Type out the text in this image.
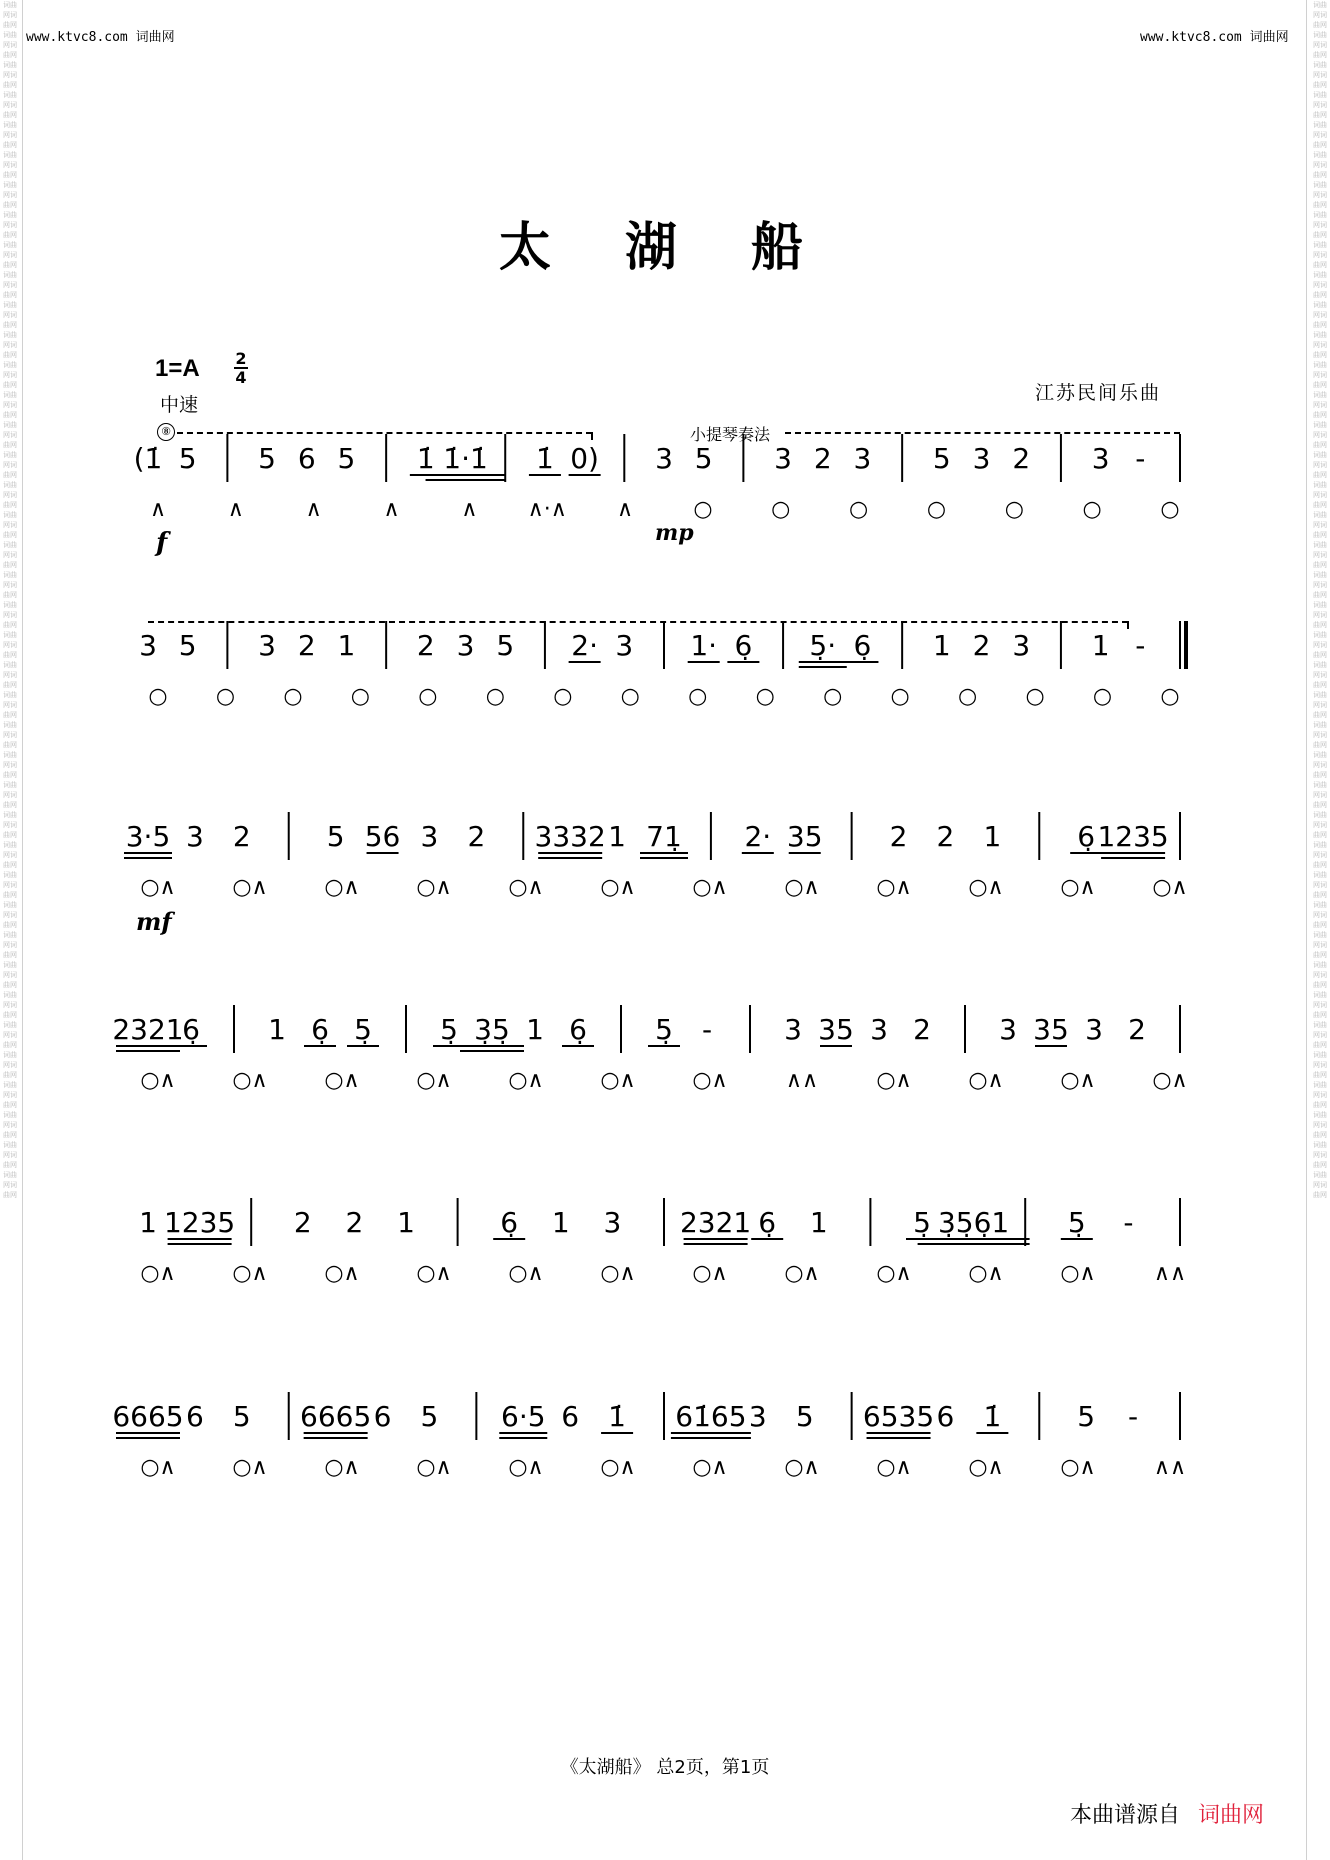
词曲网词曲网词曲网词曲网词曲网词曲网词曲网词曲网词曲网词曲网词曲网词曲网词曲网词曲网词曲网词曲网词曲网词曲网词曲网词曲网词曲网词曲网词曲网词曲网词曲网词曲网词曲网词曲网词曲网词曲网词曲网词曲网词曲网词曲网词曲网词曲网词曲网词曲网词曲网词曲网词曲网词曲网词曲网词曲网词曲网词曲网词曲网词曲网词曲网词曲网词曲网词曲网词曲网词曲网词曲网词曲网词曲网词曲网词曲网词曲网词曲网词曲网词曲网词曲网词曲网词曲网词曲网词曲网词曲网词曲网词曲网词曲网词曲网词曲网词曲网词曲网词曲网词曲网词曲网词曲网
词曲网词曲网词曲网词曲网词曲网词曲网词曲网词曲网词曲网词曲网词曲网词曲网词曲网词曲网词曲网词曲网词曲网词曲网词曲网词曲网词曲网词曲网词曲网词曲网词曲网词曲网词曲网词曲网词曲网词曲网词曲网词曲网词曲网词曲网词曲网词曲网词曲网词曲网词曲网词曲网词曲网词曲网词曲网词曲网词曲网词曲网词曲网词曲网词曲网词曲网词曲网词曲网词曲网词曲网词曲网词曲网词曲网词曲网词曲网词曲网词曲网词曲网词曲网词曲网词曲网词曲网词曲网词曲网词曲网词曲网词曲网词曲网词曲网词曲网词曲网词曲网词曲网词曲网词曲网词曲网
www.ktvc8.com 词曲网	www.ktvc8.com 词曲网
太 湖 船
1=A 2
4
中速
江苏民间乐曲
⑧	小提琴奏法
f	mp
mf
(1̇ 5 5 6 5 1̇ 1̇·1̇ 1̇ 0) 3 5 3 2 3 5 3 2 3 -
∧	∧	∧	∧	∧ ∧·∧ ∧	○	○	○	○	○	○	○
3 5 3 2 1 2 3 5 2· 3 1· 6̣ 5̣· 6̣ 1 2 3 1 -
○ ○ ○ ○ ○ ○ ○ ○ ○ ○ ○ ○ ○ ○ ○ ○
3·5 3 2	5 56 3 2 3332 1 71̣ 2· 35 2 2 1	6̣ 1235
○∧	○∧	○∧	○∧	○∧	○∧	○∧	○∧	○∧	○∧	○∧	○∧
2321
6̣ 1 6̣ 5̣ 5̣ 3̣5̣ 1 6̣ 5̣ -	3 35 3 2 3 35 3 2
○∧	○∧	○∧	○∧	○∧	○∧	○∧	∧∧	○∧	○∧	○∧	○∧
1 1235 2 2 1	6̣ 1 3 2321 6̣ 1	5̣ 3̣5̣6̣1 5̣ -
○∧	○∧	○∧	○∧	○∧	○∧	○∧	○∧	○∧	○∧	○∧	∧∧
6665 6 5 6665 6 5 6·5 6 1̇ 61̇65 3 5 6535 6 1̇	5 -
○∧	○∧	○∧	○∧	○∧	○∧	○∧	○∧	○∧	○∧	○∧	∧∧
《太湖船》 总2页，第1页
本曲谱源自 词曲网
